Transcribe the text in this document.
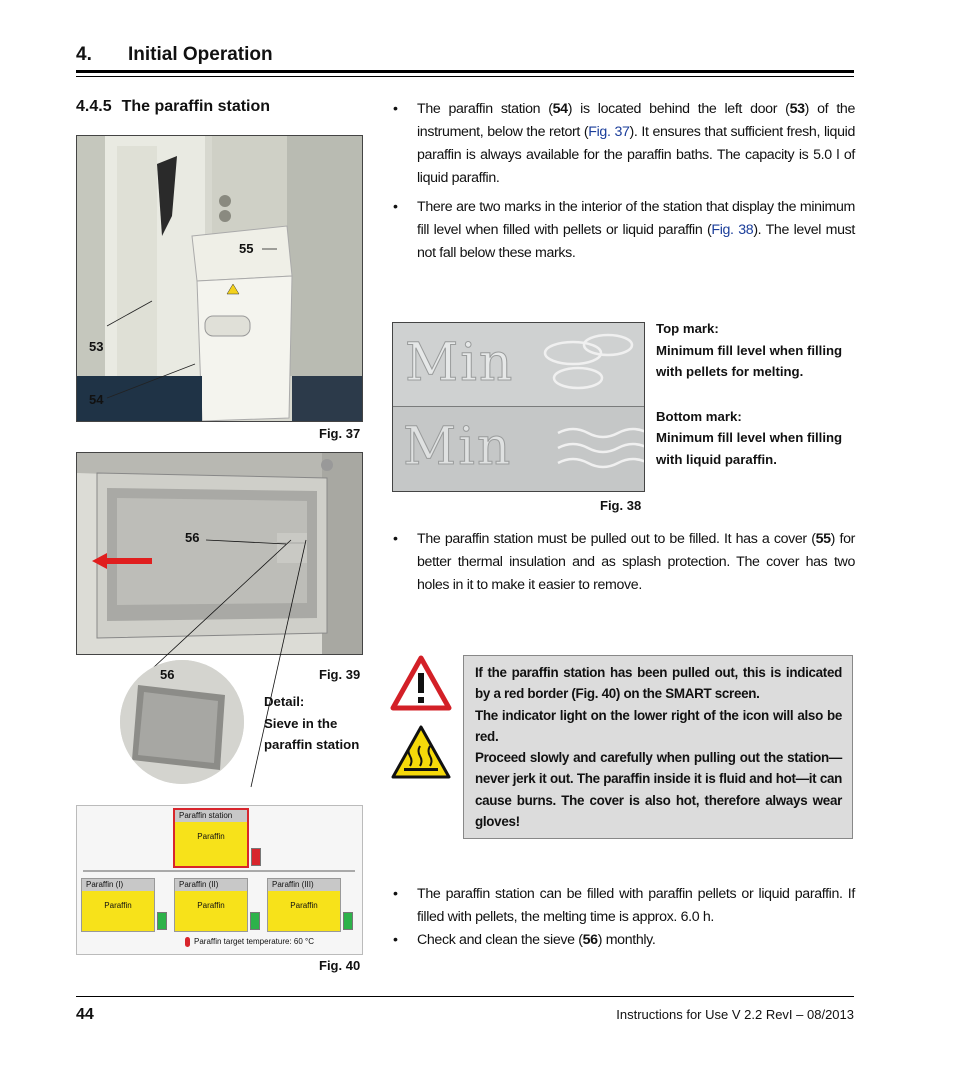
4. Initial Operation
4.4.5 The paraffin station
55
53
54
Fig. 37
56
Fig. 39
56
Detail:
Sieve in the
paraffin station
Paraffin station
Paraffin
Paraffin (I)
Paraffin
Paraffin (II)
Paraffin
Paraffin (III)
Paraffin
Paraffin target temperature: 60 °C
Fig. 40
• The paraffin station (54) is located behind the left door (53) of the instrument, below the retort (Fig. 37). It ensures that sufficient fresh, liquid paraffin is always available for the paraffin baths. The capacity is 5.0 l of liquid paraffin.
• There are two marks in the interior of the station that display the minimum fill level when filled with pellets or liquid paraffin (Fig. 38). The level must not fall below these marks.
Min
Min
Fig. 38
Top mark:
Minimum fill level when filling
with pellets for melting.
Bottom mark:
Minimum fill level when filling
with liquid paraffin.
• The paraffin station must be pulled out to be filled. It has a cover (55) for better thermal insulation and as splash protection. The cover has two holes in it to make it easier to remove.

If the paraffin station has been pulled out, this is indicated by a red border (Fig. 40) on the SMART screen.

The indicator light on the lower right of the icon will also be red.

Proceed slowly and carefully when pulling out the station—never jerk it out. The paraffin inside it is fluid and hot—it can cause burns. The cover is also hot, therefore always wear gloves!

• The paraffin station can be filled with paraffin pellets or liquid paraffin. If filled with pellets, the melting time is approx. 6.0 h.
• Check and clean the sieve (56) monthly.
44	Instructions for Use V 2.2 RevI – 08/2013
